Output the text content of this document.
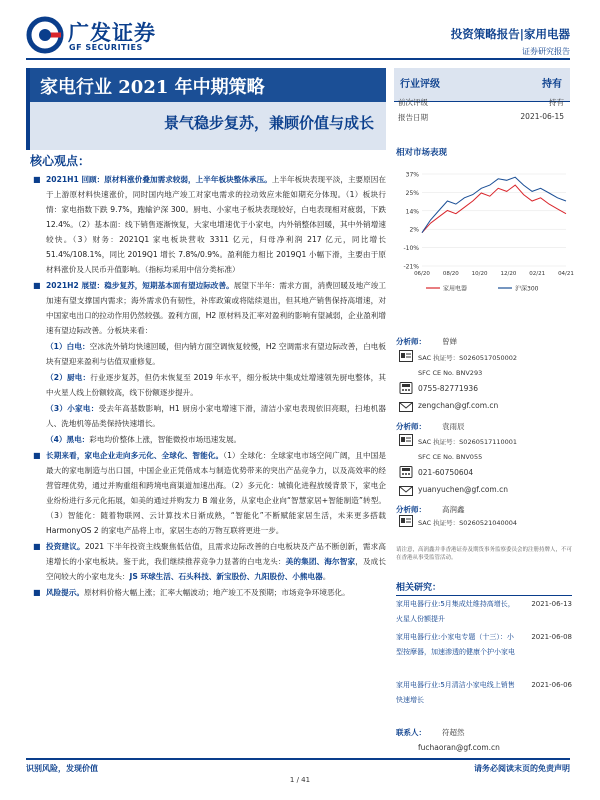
广发证券
GF SECURITIES
投资策略报告|家用电器
证券研究报告
家电行业 2021 年中期策略
景气稳步复苏，兼顾价值与成长
行业评级	持有
前次评级	持有
报告日期	2021-06-15
相对市场表现
37%
25%
14%
2%
-10%
-21%
06/20 08/20 10/20 12/20 02/21 04/21
家用电器	沪深300
分析师： 曾婵
SAC 执证号：S0260517050002
SFC CE No. BNV293
0755-82771936
zengchan@gf.com.cn
分析师： 袁雨辰
SAC 执证号：S0260517110001
SFC CE No. BNV055
021-60750604
yuanyuchen@gf.com.cn
分析师： 高润鑫
SAC 执证号：S0260521040004
请注意，高润鑫并非香港证券及期货事务监察委员会的注册持牌人，不可在香港从事受监管活动。
相关研究：
家用电器行业:5月集成灶维持高增长，火星人份额提升
2021-06-13
家用电器行业:小家电专题（十三）：小型按摩器，加速渗透的健康个护小家电
2021-06-08
家用电器行业:5月清洁小家电线上销售快速增长
2021-06-06
联系人： 符超然
fuchaoran@gf.com.cn
核心观点：
■ 2021H1 回顾：原材料涨价叠加需求较弱，上半年板块整体承压。上半年板块表现平淡，主要原因在于上游原材料快速涨价，同时国内地产竣工对家电需求的拉动效应未能如期充分体现。（1）板块行情：家电指数下跌 9.7%，跑输沪深 300。厨电、小家电子板块表现较好，白电表现相对疲弱，下跌 12.4%。（2）基本面：线下销售逐渐恢复，大家电增速优于小家电，内外销整体回暖，其中外销增速较快。（3）财务：2021Q1 家电板块营收 3311 亿元，归母净利润 217 亿元，同比增长 51.4%/108.1%，同比 2019Q1 增长 7.8%/0.9%。盈利能力相比 2019Q1 小幅下滑，主要由于原材料涨价及人民币升值影响。（指标均采用中信分类标准）
■ 2021H2 展望：稳步复苏，短期基本面有望边际改善。展望下半年：需求方面，消费回暖及地产竣工加速有望支撑国内需求；海外需求仍有韧性，补库政策或将陆续退出，但其地产销售保持高增速，对中国家电出口的拉动作用仍然较强。盈利方面，H2 原材料及汇率对盈利的影响有望减弱，企业盈利增速有望边际改善。分板块来看：
（1）白电：空冰洗外销均快速回暖，但内销方面空调恢复较慢，H2 空调需求有望边际改善，白电板块有望迎来盈利与估值双重修复。
（2）厨电：行业逐步复苏，但仍未恢复至 2019 年水平，细分板块中集成灶增速领先厨电整体，其中火星人线上份额较高，线下份额逐步提升。
（3）小家电：受去年高基数影响，H1 厨房小家电增速下滑，清洁小家电表现依旧亮眼，扫地机器人、洗地机等品类保持快速增长。
（4）黑电：彩电均价整体上涨，智能微投市场迅速发展。
■ 长期来看，家电企业走向多元化、全球化、智能化。（1）全球化：全球家电市场空间广阔，且中国是最大的家电制造与出口国，中国企业正凭借成本与制造优势带来的突出产品竞争力，以及高效率的经营管理优势，通过并购重组和跨境电商渠道加速出海。（2）多元化：城镇化进程放缓背景下，家电企业纷纷进行多元化拓展，如美的通过并购发力 B 端业务，从家电企业向“智慧家居+智能制造”转型。（3）智能化：随着物联网、云计算技术日渐成熟，“智能化”不断赋能家居生活，未来更多搭载 HarmonyOS 2 的家电产品将上市，家居生态的万物互联将更进一步。
■ 投资建议。2021 下半年投资主线聚焦低估值，且需求边际改善的白电板块及产品不断创新，需求高速增长的小家电板块。鉴于此，我们继续推荐竞争力显著的白电龙头：美的集团、海尔智家，及成长空间较大的小家电龙头：JS 环球生活、石头科技、新宝股份、九阳股份、小熊电器。
■ 风险提示。原材料价格大幅上涨；汇率大幅波动；地产竣工不及预期；市场竞争环境恶化。
识别风险，发现价值	请务必阅读末页的免责声明
1 / 41
